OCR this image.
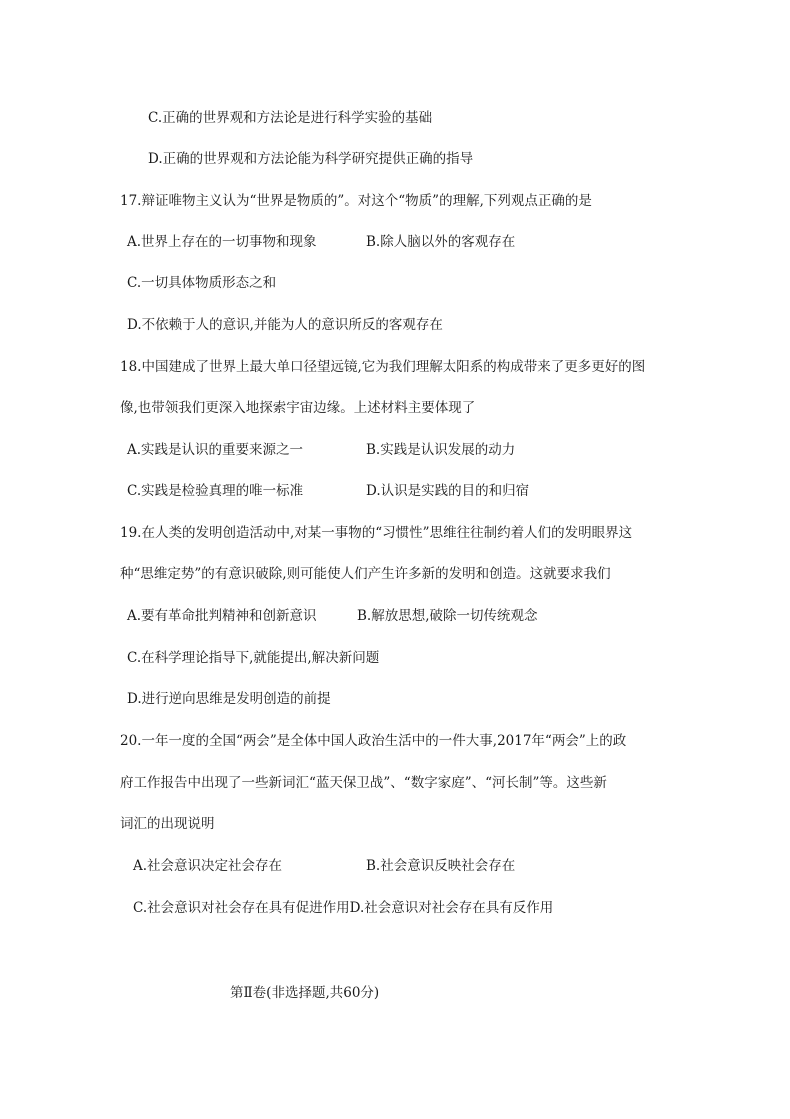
C.正确的世界观和方法论是进行科学实验的基础
D.正确的世界观和方法论能为科学研究提供正确的指导
17.辩证唯物主义认为“世界是物质的”。对这个“物质”的理解,下列观点正确的是
A.世界上存在的一切事物和现象	B.除人脑以外的客观存在
C.一切具体物质形态之和
D.不依赖于人的意识,并能为人的意识所反的客观存在
18.中国建成了世界上最大单口径望远镜,它为我们理解太阳系的构成带来了更多更好的图
像,也带领我们更深入地探索宇宙边缘。上述材料主要体现了
A.实践是认识的重要来源之一	B.实践是认识发展的动力
C.实践是检验真理的唯一标准	D.认识是实践的目的和归宿
19.在人类的发明创造活动中,对某一事物的“习惯性”思维往往制约着人们的发明眼界这
种“思维定势”的有意识破除,则可能使人们产生许多新的发明和创造。这就要求我们
A.要有革命批判精神和创新意识	B.解放思想,破除一切传统观念
C.在科学理论指导下,就能提出,解决新问题
D.进行逆向思维是发明创造的前提
20.一年一度的全国“两会”是全体中国人政治生活中的一件大事,2017年“两会”上的政
府工作报告中出现了一些新词汇“蓝天保卫战”、“数字家庭”、“河长制”等。这些新
词汇的出现说明
A.社会意识决定社会存在	B.社会意识反映社会存在
C.社会意识对社会存在具有促进作用D.社会意识对社会存在具有反作用
第Ⅱ卷(非选择题,共60分)
